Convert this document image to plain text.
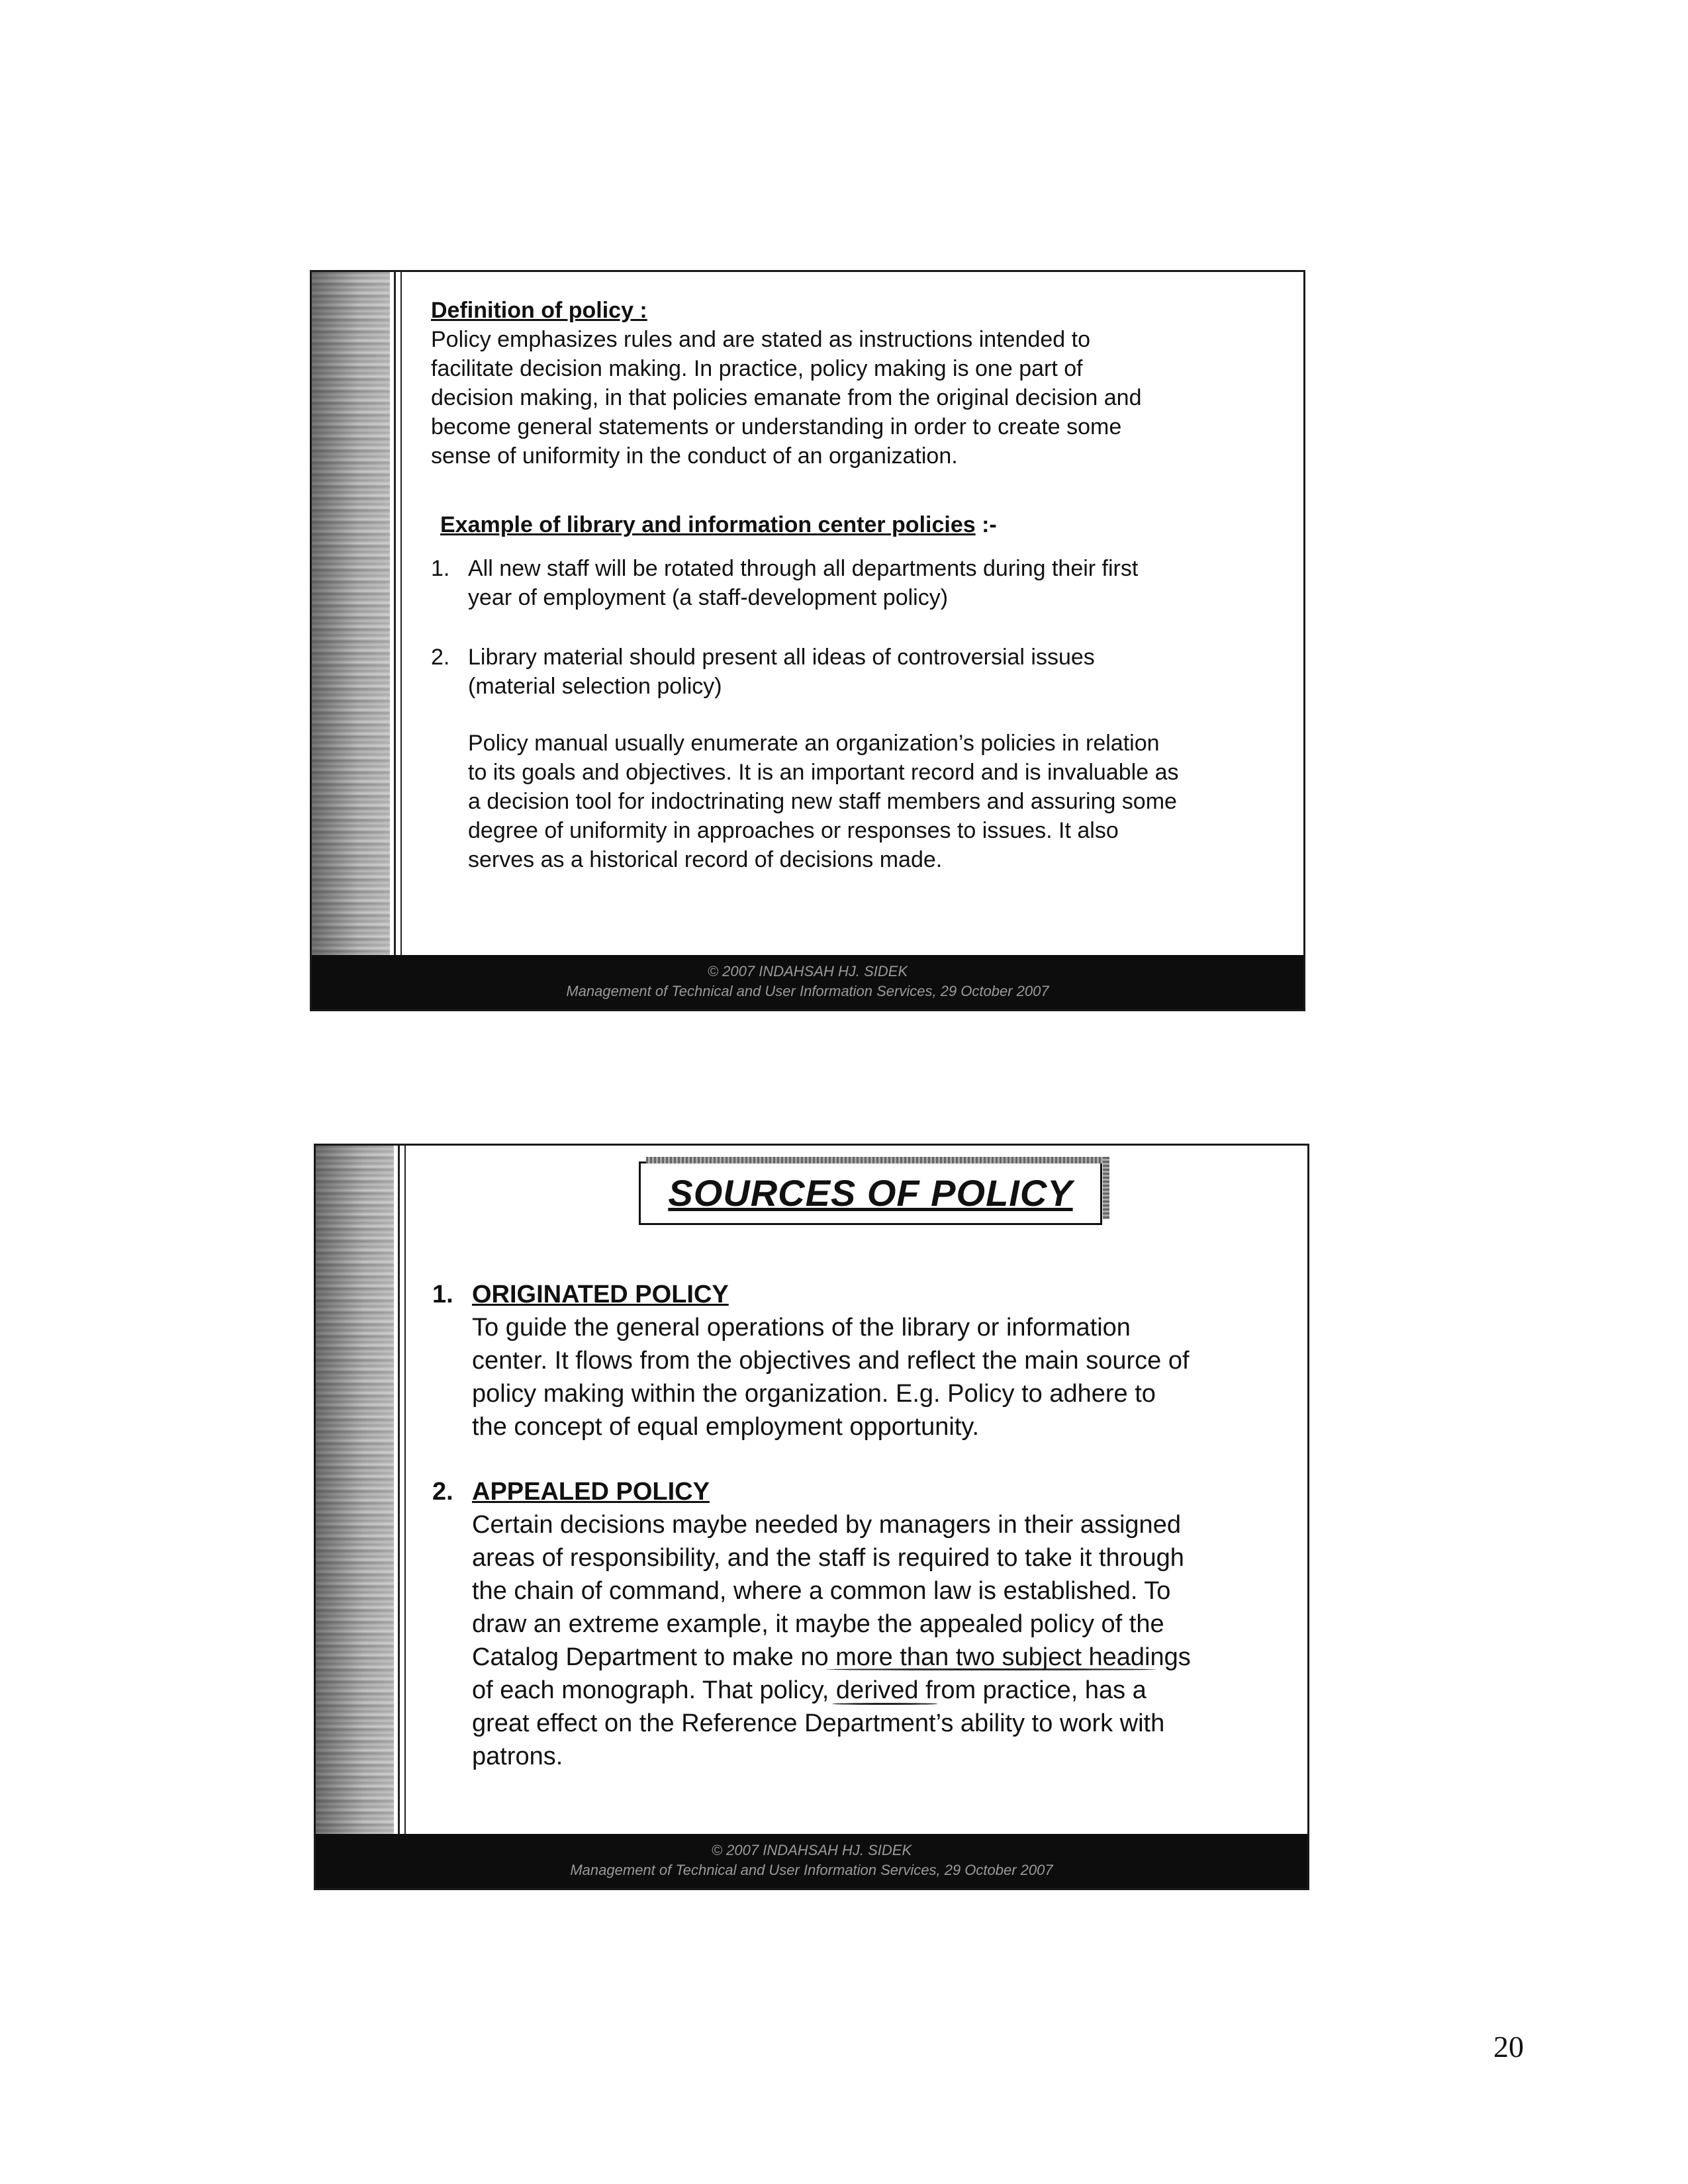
Definition of policy :

Policy emphasizes rules and are stated as instructions intended to

facilitate decision making. In practice, policy making is one part of

decision making, in that policies emanate from the original decision and

become general statements or understanding in order to create some

sense of uniformity in the conduct of an organization.

Example of library and information center policies :-

1. All new staff will be rotated through all departments during their first

year of employment (a staff-development policy)

2. Library material should present all ideas of controversial issues

(material selection policy)

Policy manual usually enumerate an organization’s policies in relation

to its goals and objectives. It is an important record and is invaluable as

a decision tool for indoctrinating new staff members and assuring some

degree of uniformity in approaches or responses to issues. It also

serves as a historical record of decisions made.

© 2007 INDAHSAH HJ. SIDEK
Management of Technical and User Information Services, 29 October 2007
SOURCES OF POLICY
1. ORIGINATED POLICY

To guide the general operations of the library or information

center. It flows from the objectives and reflect the main source of

policy making within the organization. E.g. Policy to adhere to

the concept of equal employment opportunity.

2. APPEALED POLICY

Certain decisions maybe needed by managers in their assigned

areas of responsibility, and the staff is required to take it through

the chain of command, where a common law is established. To

draw an extreme example, it maybe the appealed policy of the

Catalog Department to make no more than two subject headings

of each monograph. That policy, derived from practice, has a

great effect on the Reference Department’s ability to work with

patrons.

© 2007 INDAHSAH HJ. SIDEK
Management of Technical and User Information Services, 29 October 2007
20
